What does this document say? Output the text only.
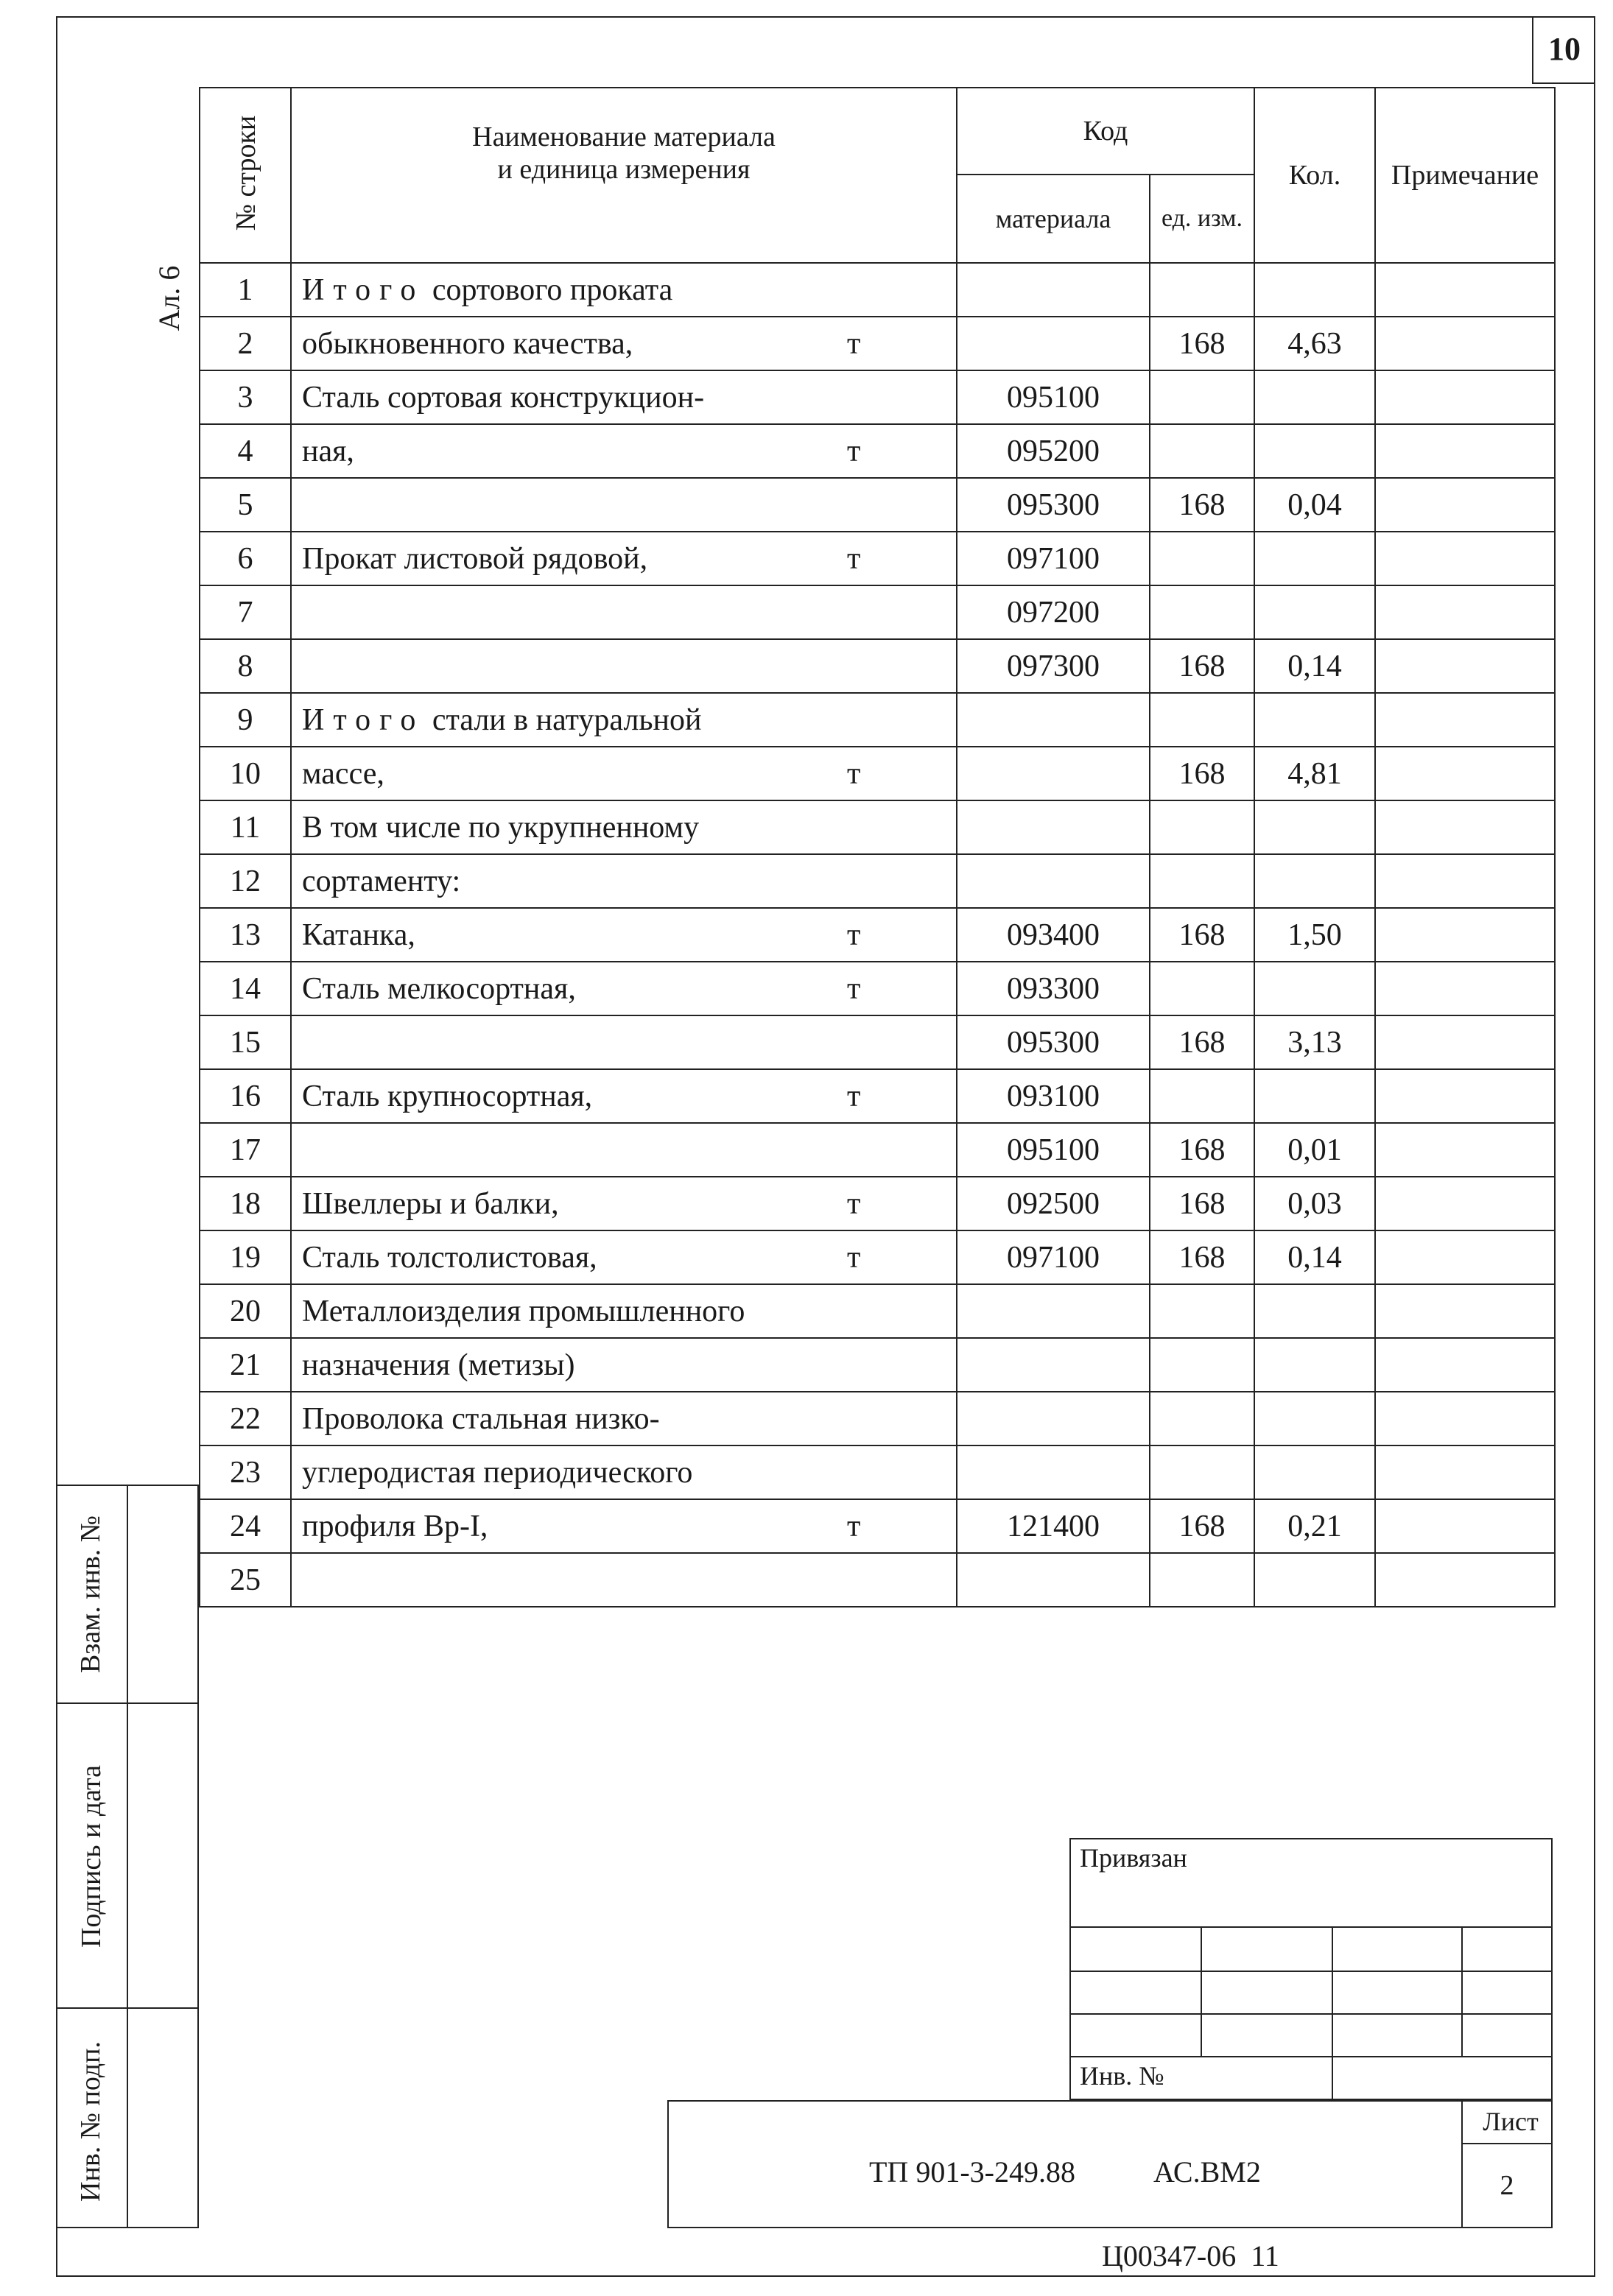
10
Ал. 6
№ строки	Наименование материала
и единица измерения	Код		Кол.	Примечание
		материала	ед. изм.		
1	Итого сортового проката				
2	обыкновенного качества, т		168	4,63	
3	Сталь сортовая конструкцион-	095100			
4	ная, т	095200			
5		095300	168	0,04	
6	Прокат листовой рядовой, т	097100			
7		097200			
8		097300	168	0,14	
9	Итого стали в натуральной				
10	массе, т		168	4,81	
11	В том числе по укрупненному				
12	сортаменту:				
13	Катанка, т	093400	168	1,50	
14	Сталь мелкосортная, т	093300			
15		095300	168	3,13	
16	Сталь крупносортная, т	093100			
17		095100	168	0,01	
18	Швеллеры и балки, т	092500	168	0,03	
19	Сталь толстолистовая, т	097100	168	0,14	
20	Металлоизделия промышленного				
21	назначения (метизы)				
22	Проволока стальная низко-				
23	углеродистая периодического				
24	профиля Вр-I, т	121400	168	0,21	
25					
Взам. инв. №
Подпись и дата
Инв. № подп.
Привязан
Инв. №
ТП 901-3-249.88	АС.ВМ2
Лист
2
Ц00347-06  11
